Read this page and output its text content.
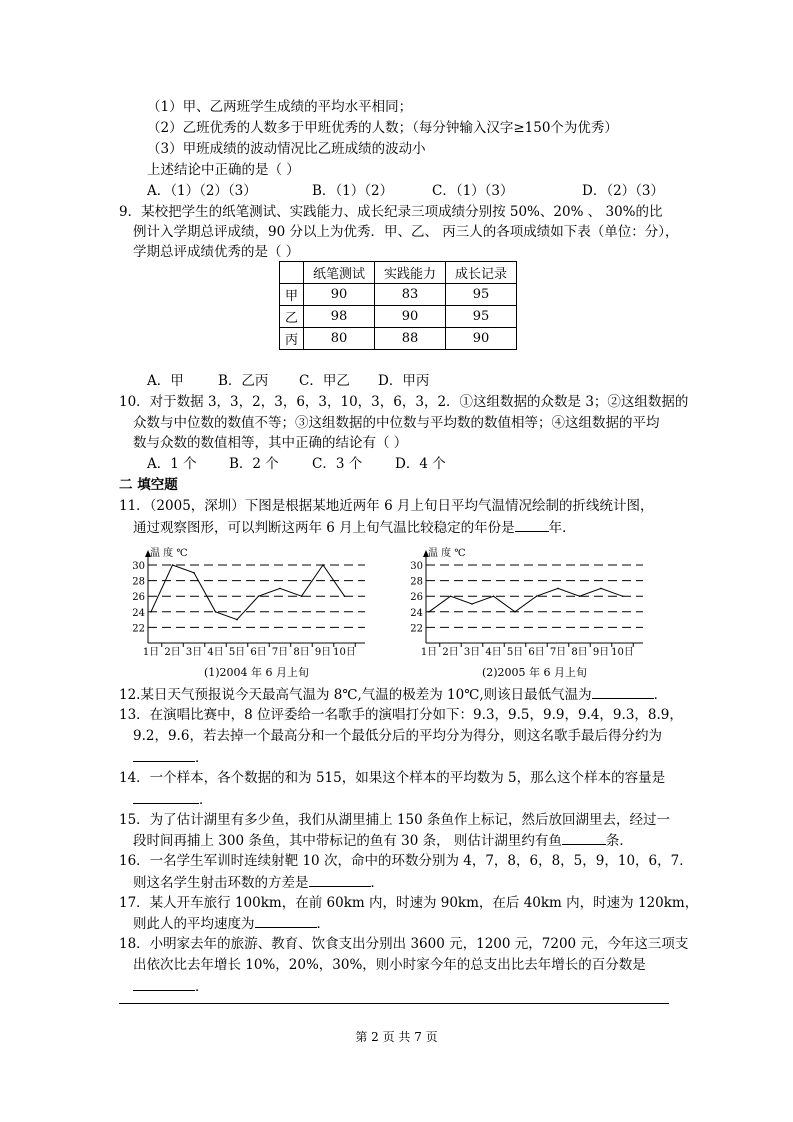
（1）甲、乙两班学生成绩的平均水平相同；
（2）乙班优秀的人数多于甲班优秀的人数；（每分钟输入汉字≥150个为优秀）
（3）甲班成绩的波动情况比乙班成绩的波动小
上述结论中正确的是（ ）
A．（1）（2）（3）	B．（1）（2）	C．（1）（3）	D．（2）（3）
9．某校把学生的纸笔测试、实践能力、成长纪录三项成绩分别按 50%、20% 、 30%的比
例计入学期总评成绩，90 分以上为优秀．甲、乙、 丙三人的各项成绩如下表（单位：分），
学期总评成绩优秀的是（ ）
	纸笔测试	实践能力	成长记录
甲	90	83	95
乙	98	90	95
丙	80	88	90
A．甲	B．乙丙 C．甲乙 D．甲丙
10．对于数据 3，3，2，3，6，3，10，3，6，3，2．①这组数据的众数是 3；②这组数据的
众数与中位数的数值不等；③这组数据的中位数与平均数的数值相等；④这组数据的平均
数与众数的数值相等，其中正确的结论有（ ）
A．1 个 B．2 个 C．3 个 D．4 个
二 填空题
11．（2005，深圳）下图是根据某地近两年 6 月上旬日平均气温情况绘制的折线统计图，
通过观察图形，可以判断这两年 6 月上旬气温比较稳定的年份是	年．
温 度 ℃
22
24
26
28
30
1日 2日 3日 4日 5日 6日 7日 8日 9日 10日
(1)2004 年 6 月上旬
温 度 ℃
22
24
26
28
30
1日 2日 3日 4日 5日 6日 7日 8日 9日 10日
(2)2005 年 6 月上旬
12.某日天气预报说今天最高气温为 8℃,气温的极差为 10℃,则该日最低气温为	．
13．在演唱比赛中，8 位评委给一名歌手的演唱打分如下：9.3，9.5，9.9，9.4，9.3，8.9，
9.2，9.6，若去掉一个最高分和一个最低分后的平均分为得分，则这名歌手最后得分约为
．
14．一个样本，各个数据的和为 515，如果这个样本的平均数为 5，那么这个样本的容量是
．
15．为了估计湖里有多少鱼，我们从湖里捕上 150 条鱼作上标记，然后放回湖里去，经过一
段时间再捕上 300 条鱼，其中带标记的鱼有 30 条， 则估计湖里约有鱼	条．
16．一名学生军训时连续射靶 10 次，命中的环数分别为 4，7，8，6，8，5，9，10，6，7．
则这名学生射击环数的方差是	．
17．某人开车旅行 100km，在前 60km 内，时速为 90km，在后 40km 内，时速为 120km，
则此人的平均速度为	．
18．小明家去年的旅游、教育、饮食支出分别出 3600 元，1200 元，7200 元，今年这三项支
出依次比去年增长 10%，20%，30%，则小时家今年的总支出比去年增长的百分数是
．
第 2 页 共 7 页
